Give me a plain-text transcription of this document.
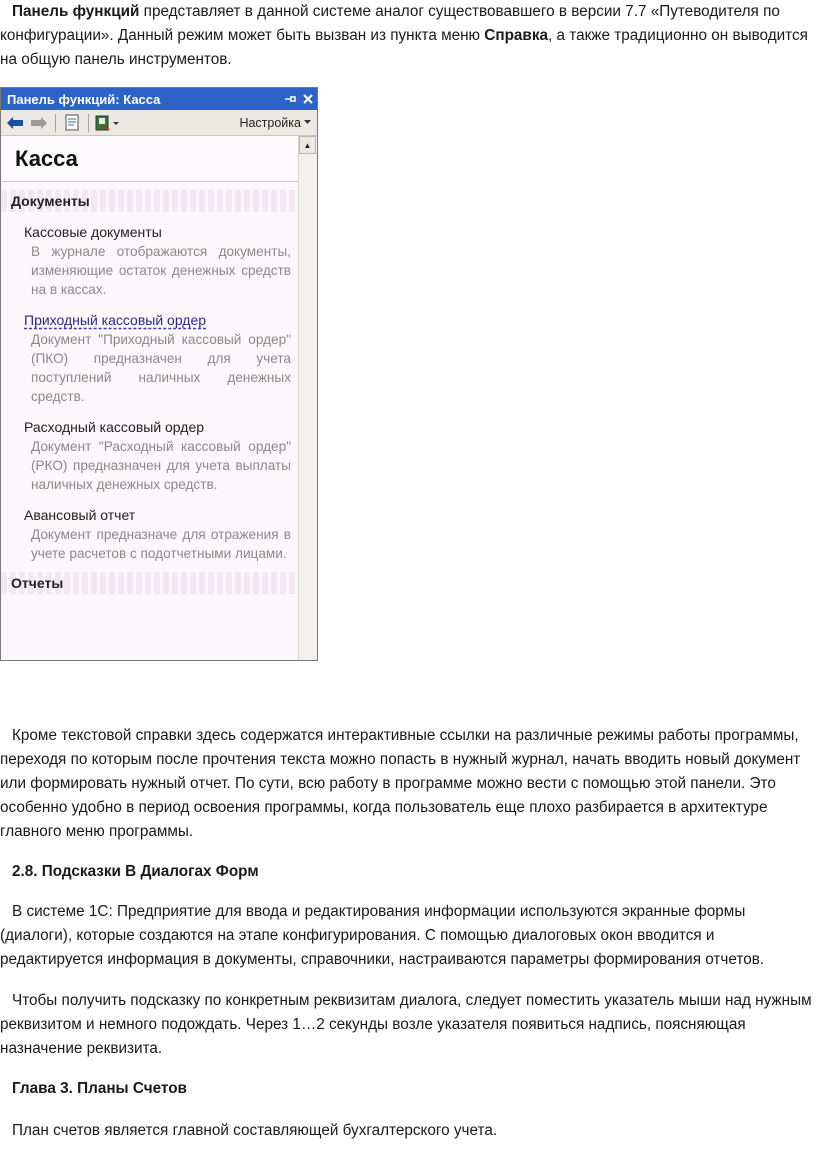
Панель функций представляет в данной системе аналог существовавшего в версии 7.7 «Путеводителя по конфигурации». Данный режим может быть вызван из пункта меню Справка, а также традиционно он выводится на общую панель инструментов.

Панель функций: Касса
Настройка
Касса
Документы
Кассовые документы
В журнале отображаются документы, изменяющие остаток денежных средств на в кассах.
Приходный кассовый ордер
Документ "Приходный кассовый ордер" (ПКО) предназначен для учета поступлений наличных денежных средств.
Расходный кассовый ордер
Документ "Расходный кассовый ордер" (РКО) предназначен для учета выплаты наличных денежных средств.
Авансовый отчет
Документ предназначе для отражения в учете расчетов с подотчетными лицами.
Отчеты
▲

Кроме текстовой справки здесь содержатся интерактивные ссылки на различные режимы работы программы, переходя по которым после прочтения текста можно попасть в нужный журнал, начать вводить новый документ или формировать нужный отчет. По сути, всю работу в программе можно вести с помощью этой панели. Это особенно удобно в период освоения программы, когда пользователь еще плохо разбирается в архитектуре главного меню программы.

2.8. Подсказки В Диалогах Форм

В системе 1С: Предприятие для ввода и редактирования информации используются экранные формы (диалоги), которые создаются на этапе конфигурирования. С помощью диалоговых окон вводится и редактируется информация в документы, справочники, настраиваются параметры формирования отчетов.

Чтобы получить подсказку по конкретным реквизитам диалога, следует поместить указатель мыши над нужным реквизитом и немного подождать. Через 1…2 секунды возле указателя появиться надпись, поясняющая назначение реквизита.

Глава 3. Планы Счетов

План счетов является главной составляющей бухгалтерского учета.
